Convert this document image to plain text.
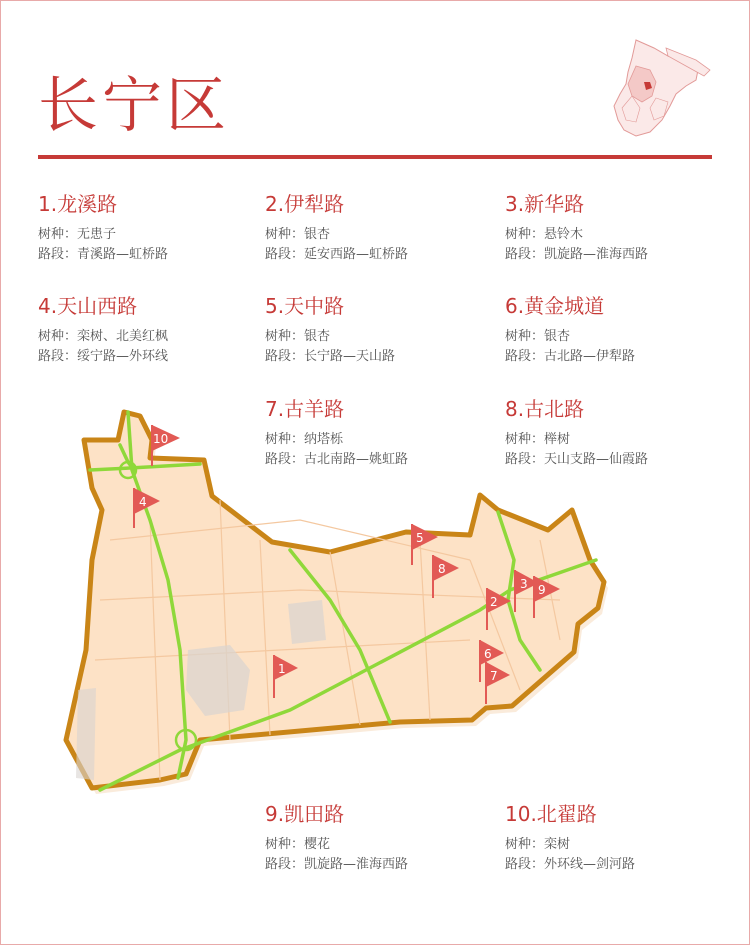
长宁区
1.龙溪路
树种：无患子
路段：青溪路—虹桥路
2.伊犁路
树种：银杏
路段：延安西路—虹桥路
3.新华路
树种：悬铃木
路段：凯旋路—淮海西路
4.天山西路
树种：栾树、北美红枫
路段：绥宁路—外环线
5.天中路
树种：银杏
路段：长宁路—天山路
6.黄金城道
树种：银杏
路段：古北路—伊犁路
7.古羊路
树种：纳塔栎
路段：古北南路—姚虹路
8.古北路
树种：榉树
路段：天山支路—仙霞路
9.凯田路
树种：樱花
路段：凯旋路—淮海西路
10.北翟路
树种：栾树
路段：外环线—剑河路
1
2
3
4
5
6
7
8
9
10
